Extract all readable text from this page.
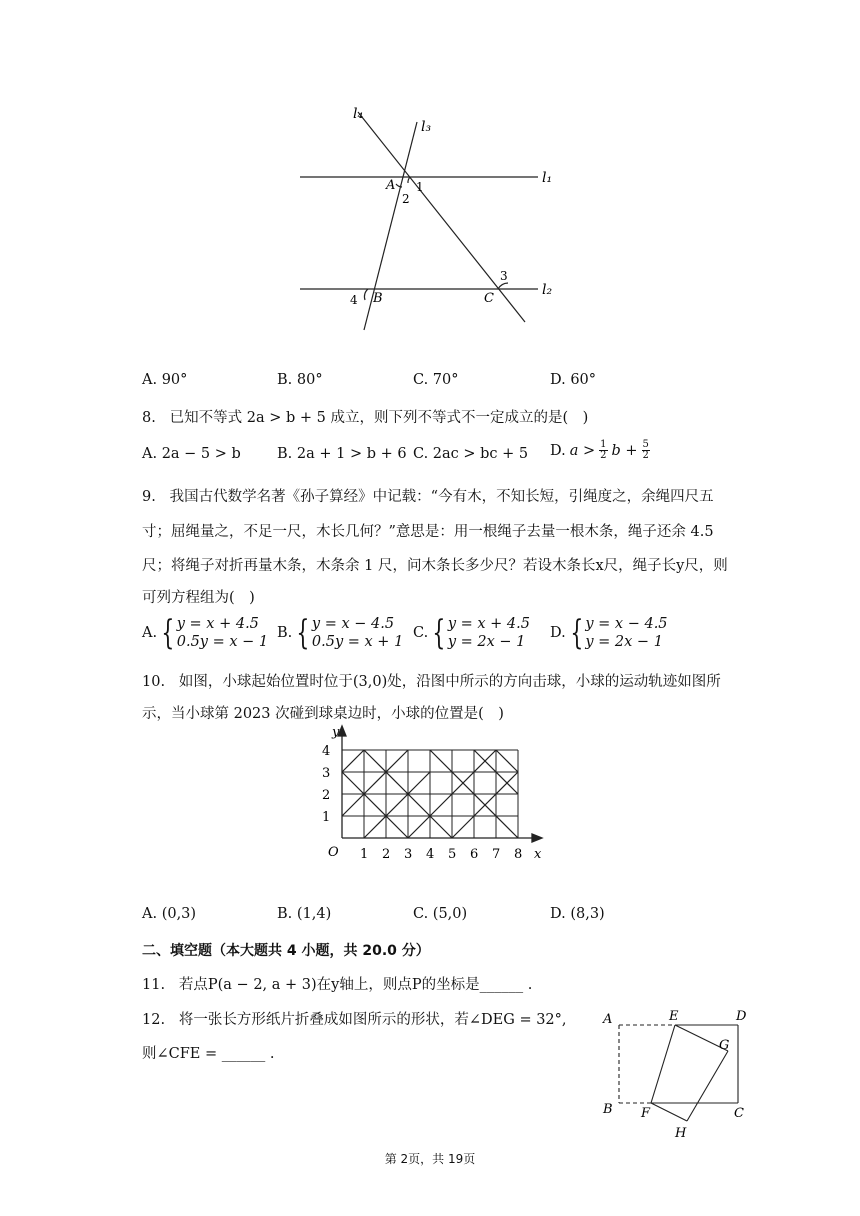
l₄
l₃
l₁
l₂
A 1
2
3
C
B
4
A. 90°	B. 80°	C. 70°	D. 60°
8. 已知不等式 2a > b + 5 成立，则下列不等式不一定成立的是(　)
A. 2a − 5 > b B. 2a + 1 > b + 6 C. 2ac > bc + 5 D. $a > \frac{1}{2}$ $b + \frac{5}{2}$
9. 我国古代数学名著《孙子算经》中记载：“今有木，不知长短，引绳度之，余绳四尺五
寸；屈绳量之，不足一尺，木长几何？”意思是：用一根绳子去量一根木条，绳子还余 4.5
尺；将绳子对折再量木条，木条余 1 尺，问木条长多少尺？若设木条长x尺，绳子长y尺，则
可列方程组为(　)
A. { y = x + 4.5
0.5y = x − 1
B. { y = x − 4.5
0.5y = x + 1
C. { y = x + 4.5
y = 2x − 1
D. { y = x − 4.5
y = 2x − 1
10. 如图，小球起始位置时位于(3,0)处，沿图中所示的方向击球，小球的运动轨迹如图所
示，当小球第 2023 次碰到球桌边时，小球的位置是(　)
y
x
O 1 2 3 4 5 6 7 8
1
2
3
4
A. (0,3)	B. (1,4)	C. (5,0)	D. (8,3)
二、填空题（本大题共 4 小题，共 20.0 分）
11. 若点P(a − 2, a + 3)在y轴上，则点P的坐标是______ .
12. 将一张长方形纸片折叠成如图所示的形状，若∠DEG = 32°,
则∠CFE = ______ .
A	E	D
G
B F	C
H
第 2页，共 19页
